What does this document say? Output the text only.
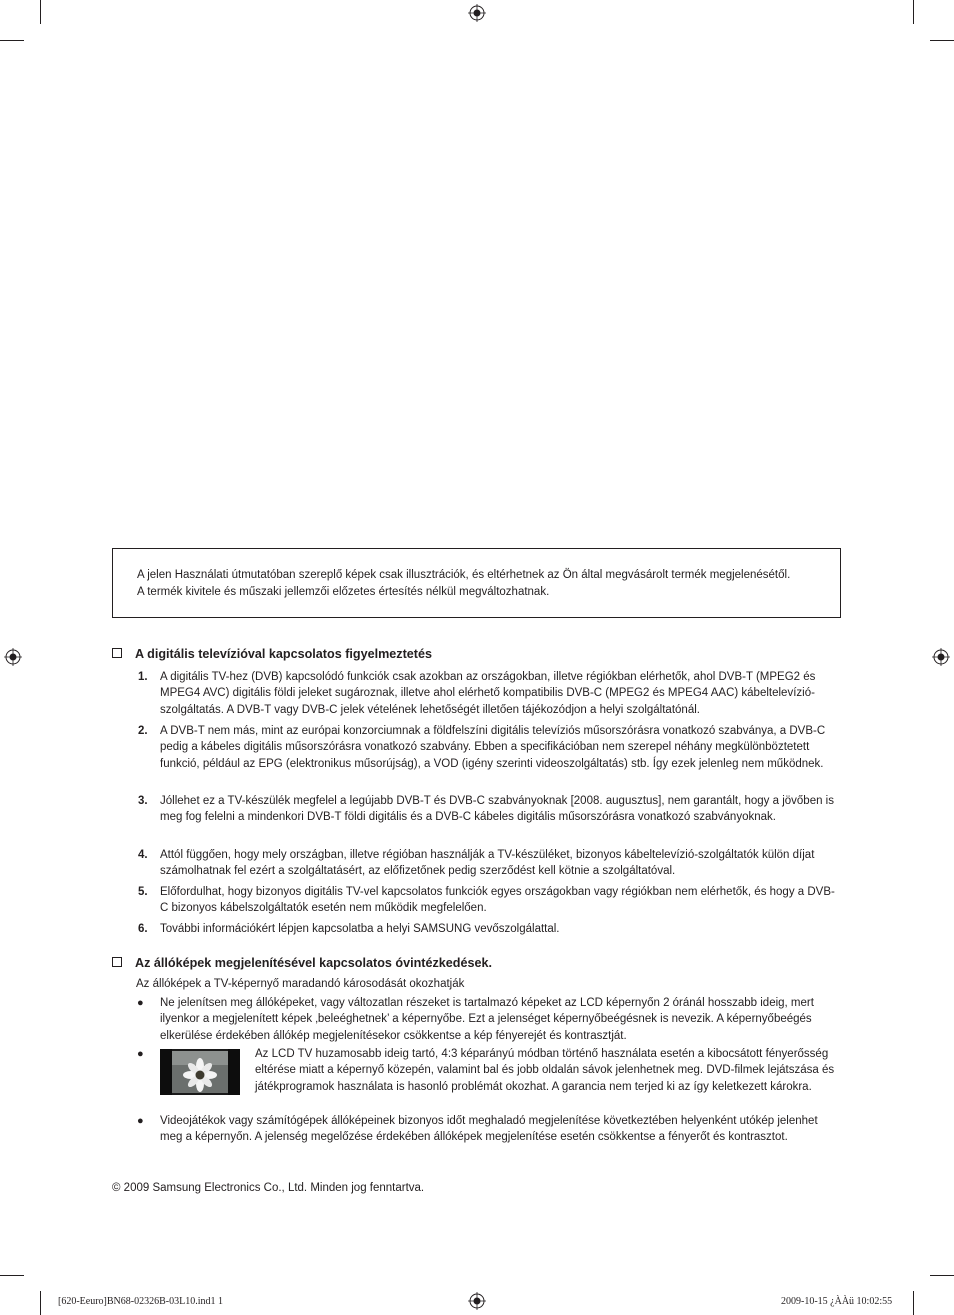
A jelen Használati útmutatóban szereplő képek csak illusztrációk, és eltérhetnek az Ön által megvásárolt termék megjelenésétől.
A termék kivitele és műszaki jellemzői előzetes értesítés nélkül megváltozhatnak.
A digitális televízióval kapcsolatos figyelmeztetés
1. A digitális TV-hez (DVB) kapcsolódó funkciók csak azokban az országokban, illetve régiókban elérhetők, ahol DVB-T (MPEG2 és MPEG4 AVC) digitális földi jeleket sugároznak, illetve ahol elérhető kompatibilis DVB-C (MPEG2 és MPEG4 AAC) kábeltelevízió-szolgáltatás. A DVB-T vagy DVB-C jelek vételének lehetőségét illetően tájékozódjon a helyi szolgáltatónál.
2. A DVB-T nem más, mint az európai konzorciumnak a földfelszíni digitális televíziós műsorszórásra vonatkozó szabványa, a DVB-C pedig a kábeles digitális műsorszórásra vonatkozó szabvány. Ebben a specifikációban nem szerepel néhány megkülönböztetett funkció, például az EPG (elektronikus műsorújság), a VOD (igény szerinti videoszolgáltatás) stb. Így ezek jelenleg nem működnek.
3. Jóllehet ez a TV-készülék megfelel a legújabb DVB-T és DVB-C szabványoknak [2008. augusztus], nem garantált, hogy a jövőben is meg fog felelni a mindenkori DVB-T földi digitális és a DVB-C kábeles digitális műsorszórásra vonatkozó szabványoknak.
4. Attól függően, hogy mely országban, illetve régióban használják a TV-készüléket, bizonyos kábeltelevízió-szolgáltatók külön díjat számolhatnak fel ezért a szolgáltatásért, az előfizetőnek pedig szerződést kell kötnie a szolgáltatóval.
5. Előfordulhat, hogy bizonyos digitális TV-vel kapcsolatos funkciók egyes országokban vagy régiókban nem elérhetők, és hogy a DVB-C bizonyos kábelszolgáltatók esetén nem működik megfelelően.
6. További információkért lépjen kapcsolatba a helyi SAMSUNG vevőszolgálattal.
Az állóképek megjelenítésével kapcsolatos óvintézkedések.
Az állóképek a TV-képernyő maradandó károsodását okozhatják
● Ne jelenítsen meg állóképeket, vagy változatlan részeket is tartalmazó képeket az LCD képernyőn 2 óránál hosszabb ideig, mert ilyenkor a megjelenített képek ‚beleéghetnek’ a képernyőbe. Ezt a jelenséget képernyőbeégésnek is nevezik. A képernyőbeégés elkerülése érdekében állókép megjelenítésekor csökkentse a kép fényerejét és kontrasztját.
●	Az LCD TV huzamosabb ideig tartó, 4:3 képarányú módban történő használata esetén a kibocsátott fényerősség eltérése miatt a képernyő közepén, valamint bal és jobb oldalán sávok jelenhetnek meg. DVD-filmek lejátszása és játékprogramok használata is hasonló problémát okozhat. A garancia nem terjed ki az így keletkezett károkra.
● Videojátékok vagy számítógépek állóképeinek bizonyos időt meghaladó megjelenítése következtében helyenként utókép jelenhet meg a képernyőn. A jelenség megelőzése érdekében állóképek megjelenítése esetén csökkentse a fényerőt és kontrasztot.
© 2009 Samsung Electronics Co., Ltd. Minden jog fenntartva.
[620-Eeuro]BN68-02326B-03L10.ind1 1	2009-10-15 ¿ÀÀü 10:02:55
